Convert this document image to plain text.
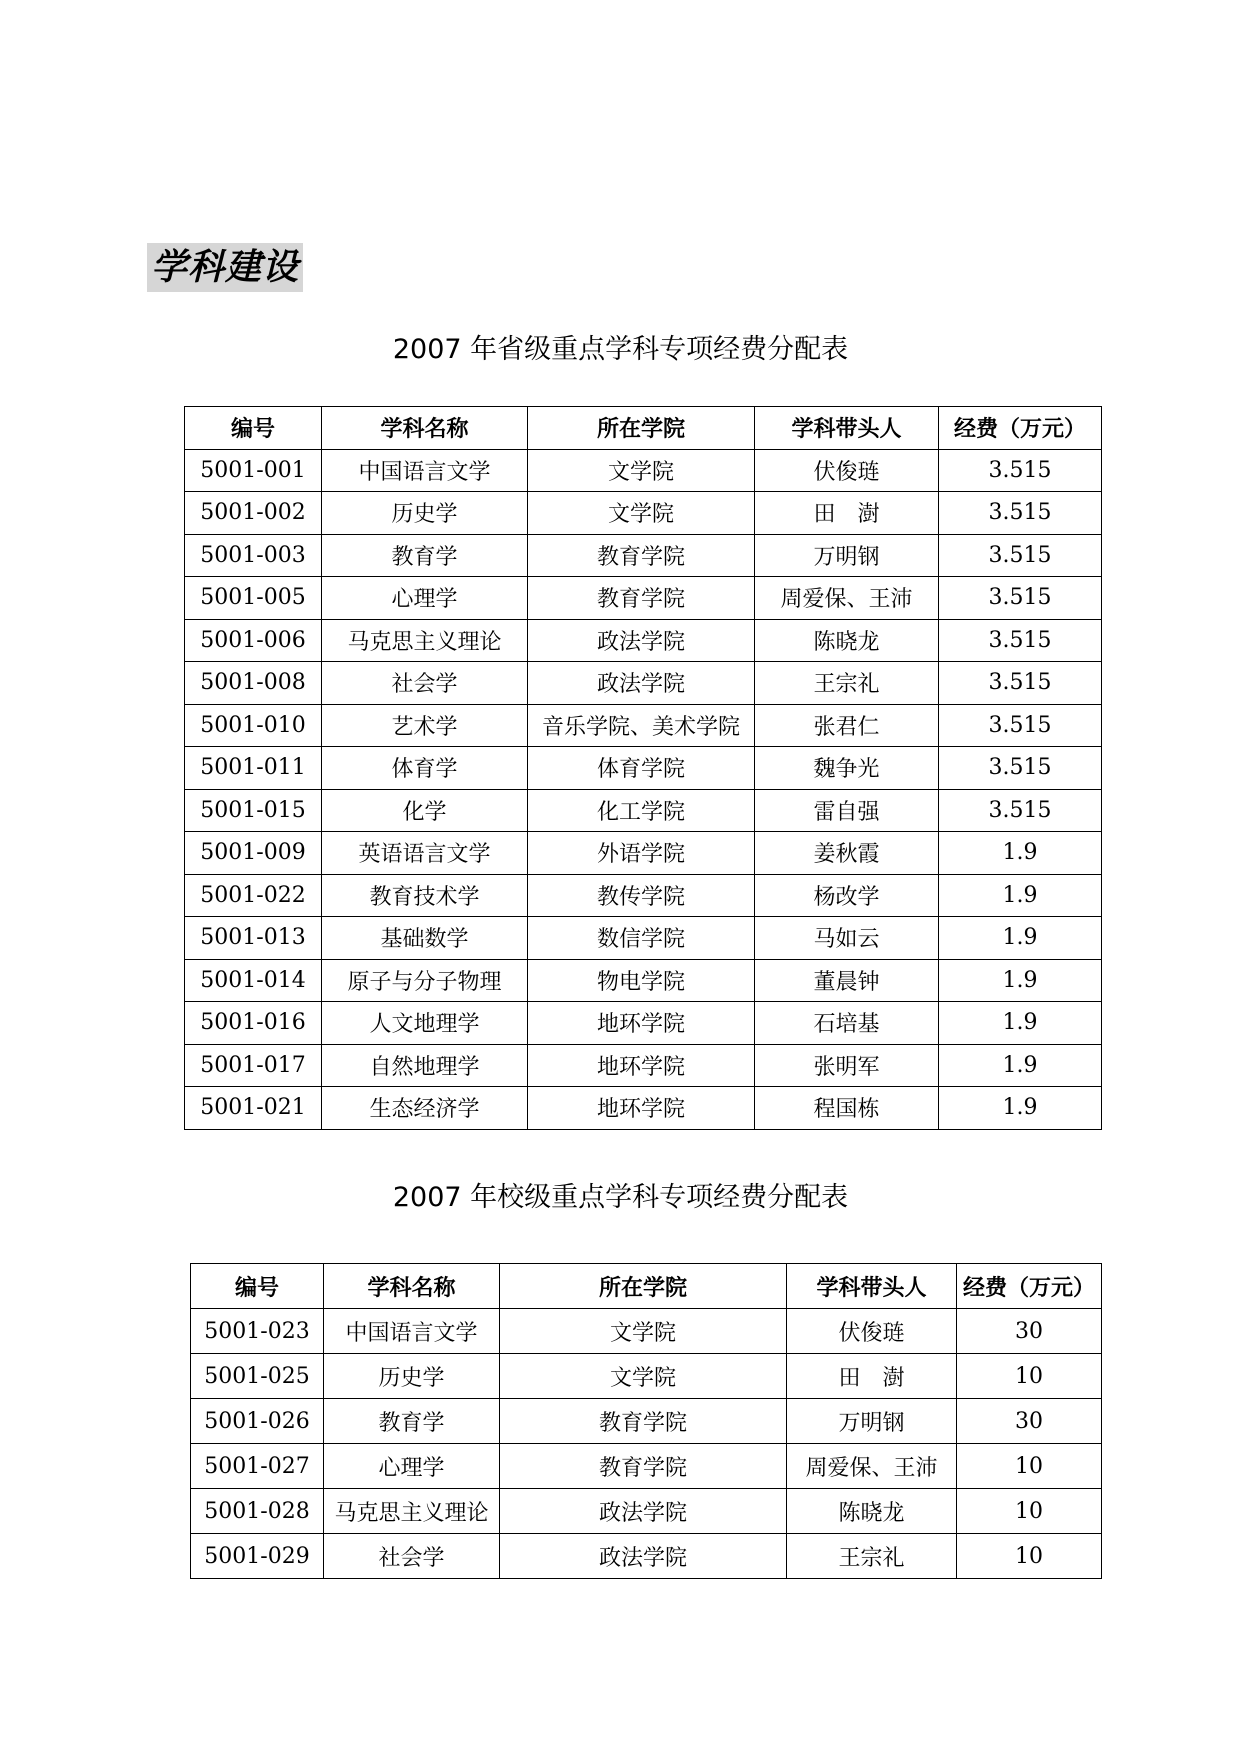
学科建设
2007 年省级重点学科专项经费分配表
编号	学科名称	所在学院	学科带头人	经费（万元）
5001-001	中国语言文学	文学院	伏俊琏	3.515
5001-002	历史学	文学院	田　澍	3.515
5001-003	教育学	教育学院	万明钢	3.515
5001-005	心理学	教育学院	周爱保、王沛	3.515
5001-006	马克思主义理论	政法学院	陈晓龙	3.515
5001-008	社会学	政法学院	王宗礼	3.515
5001-010	艺术学	音乐学院、美术学院	张君仁	3.515
5001-011	体育学	体育学院	魏争光	3.515
5001-015	化学	化工学院	雷自强	3.515
5001-009	英语语言文学	外语学院	姜秋霞	1.9
5001-022	教育技术学	教传学院	杨改学	1.9
5001-013	基础数学	数信学院	马如云	1.9
5001-014	原子与分子物理	物电学院	董晨钟	1.9
5001-016	人文地理学	地环学院	石培基	1.9
5001-017	自然地理学	地环学院	张明军	1.9
5001-021	生态经济学	地环学院	程国栋	1.9
2007 年校级重点学科专项经费分配表
编号	学科名称	所在学院	学科带头人	经费（万元）
5001-023	中国语言文学	文学院	伏俊琏	30
5001-025	历史学	文学院	田　澍	10
5001-026	教育学	教育学院	万明钢	30
5001-027	心理学	教育学院	周爱保、王沛	10
5001-028	马克思主义理论	政法学院	陈晓龙	10
5001-029	社会学	政法学院	王宗礼	10
